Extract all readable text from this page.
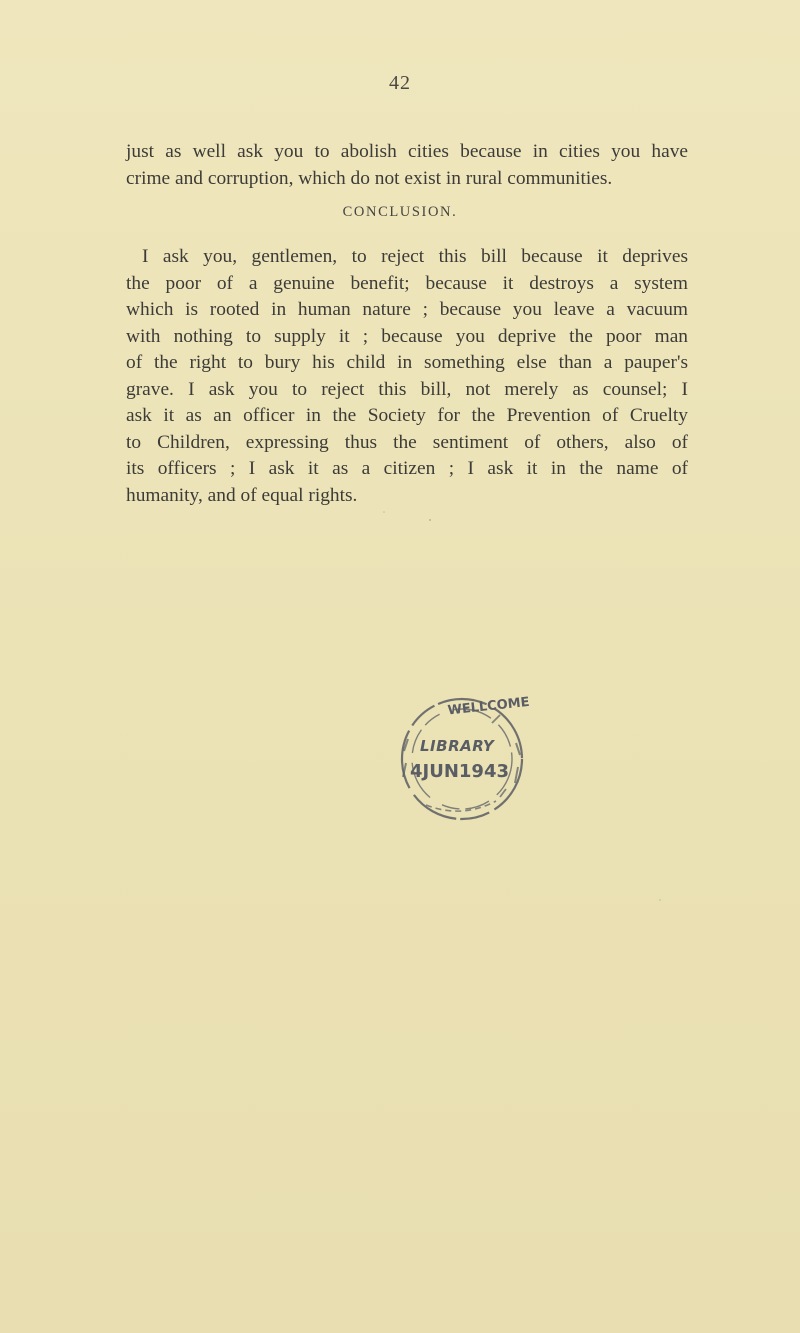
42
just as well ask you to abolish cities because in cities you have
crime and corruption, which do not exist in rural communities.
CONCLUSION.
I ask you, gentlemen, to reject this bill because it deprives
the poor of a genuine benefit; because it destroys a system
which is rooted in human nature ; because you leave a vacuum
with nothing to supply it ; because you deprive the poor man
of the right to bury his child in something else than a pauper's
grave. I ask you to reject this bill, not merely as counsel; I
ask it as an officer in the Society for the Prevention of Cruelty
to Children, expressing thus the sentiment of others, also of
its officers ; I ask it as a citizen ; I ask it in the name of
humanity, and of equal rights.
WELLCOME
LIBRARY
4JUN1943
